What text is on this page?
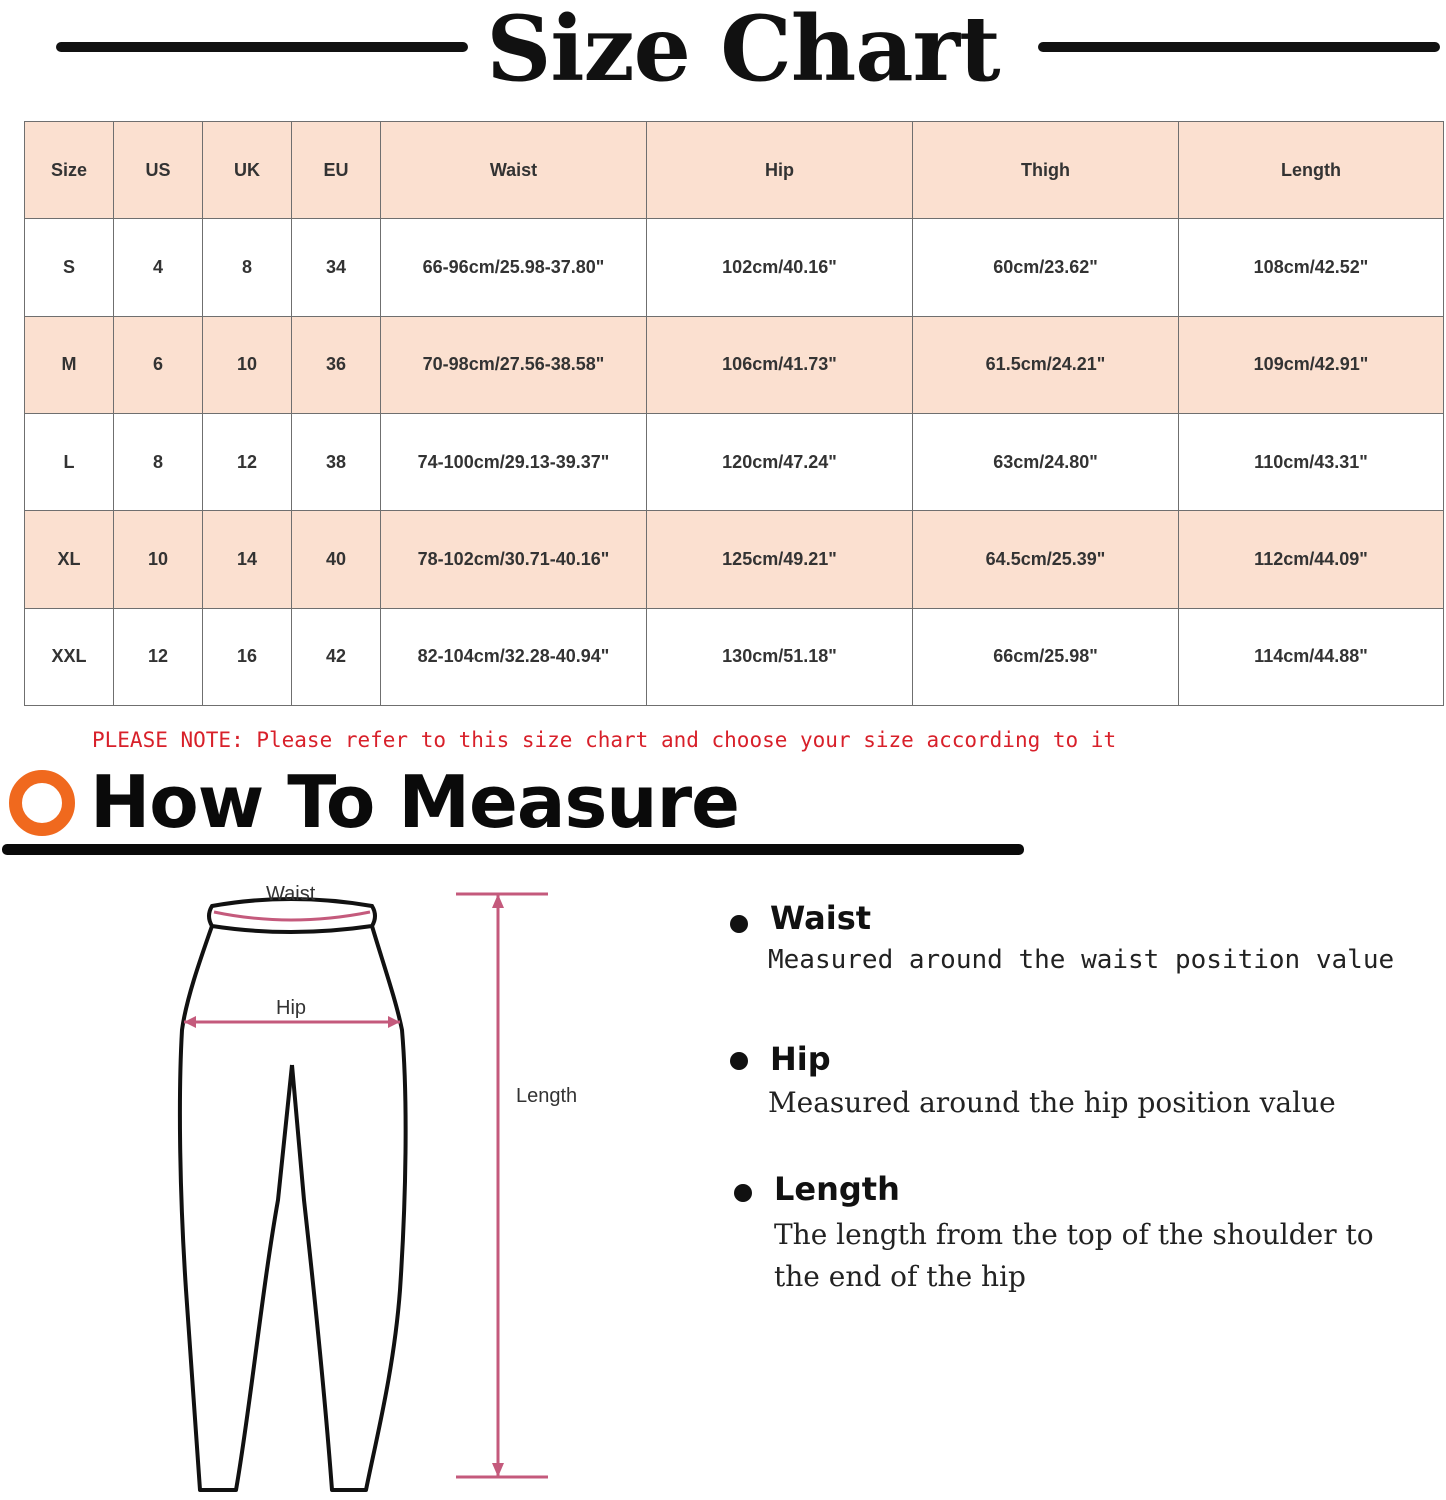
Size Chart
Size	US	UK	EU	Waist	Hip	Thigh	Length
S	4	8	34	66-96cm/25.98-37.80"	102cm/40.16"	60cm/23.62"	108cm/42.52"
M	6	10	36	70-98cm/27.56-38.58"	106cm/41.73"	61.5cm/24.21"	109cm/42.91"
L	8	12	38	74-100cm/29.13-39.37"	120cm/47.24"	63cm/24.80"	110cm/43.31"
XL	10	14	40	78-102cm/30.71-40.16"	125cm/49.21"	64.5cm/25.39"	112cm/44.09"
XXL	12	16	42	82-104cm/32.28-40.94"	130cm/51.18"	66cm/25.98"	114cm/44.88"
PLEASE NOTE: Please refer to this size chart and choose your size according to it
How To Measure
Waist
Hip
Length
Waist
Measured around the waist position value
Hip
Measured around the hip position value
Length
The length from the top of the shoulder to
the end of the hip
